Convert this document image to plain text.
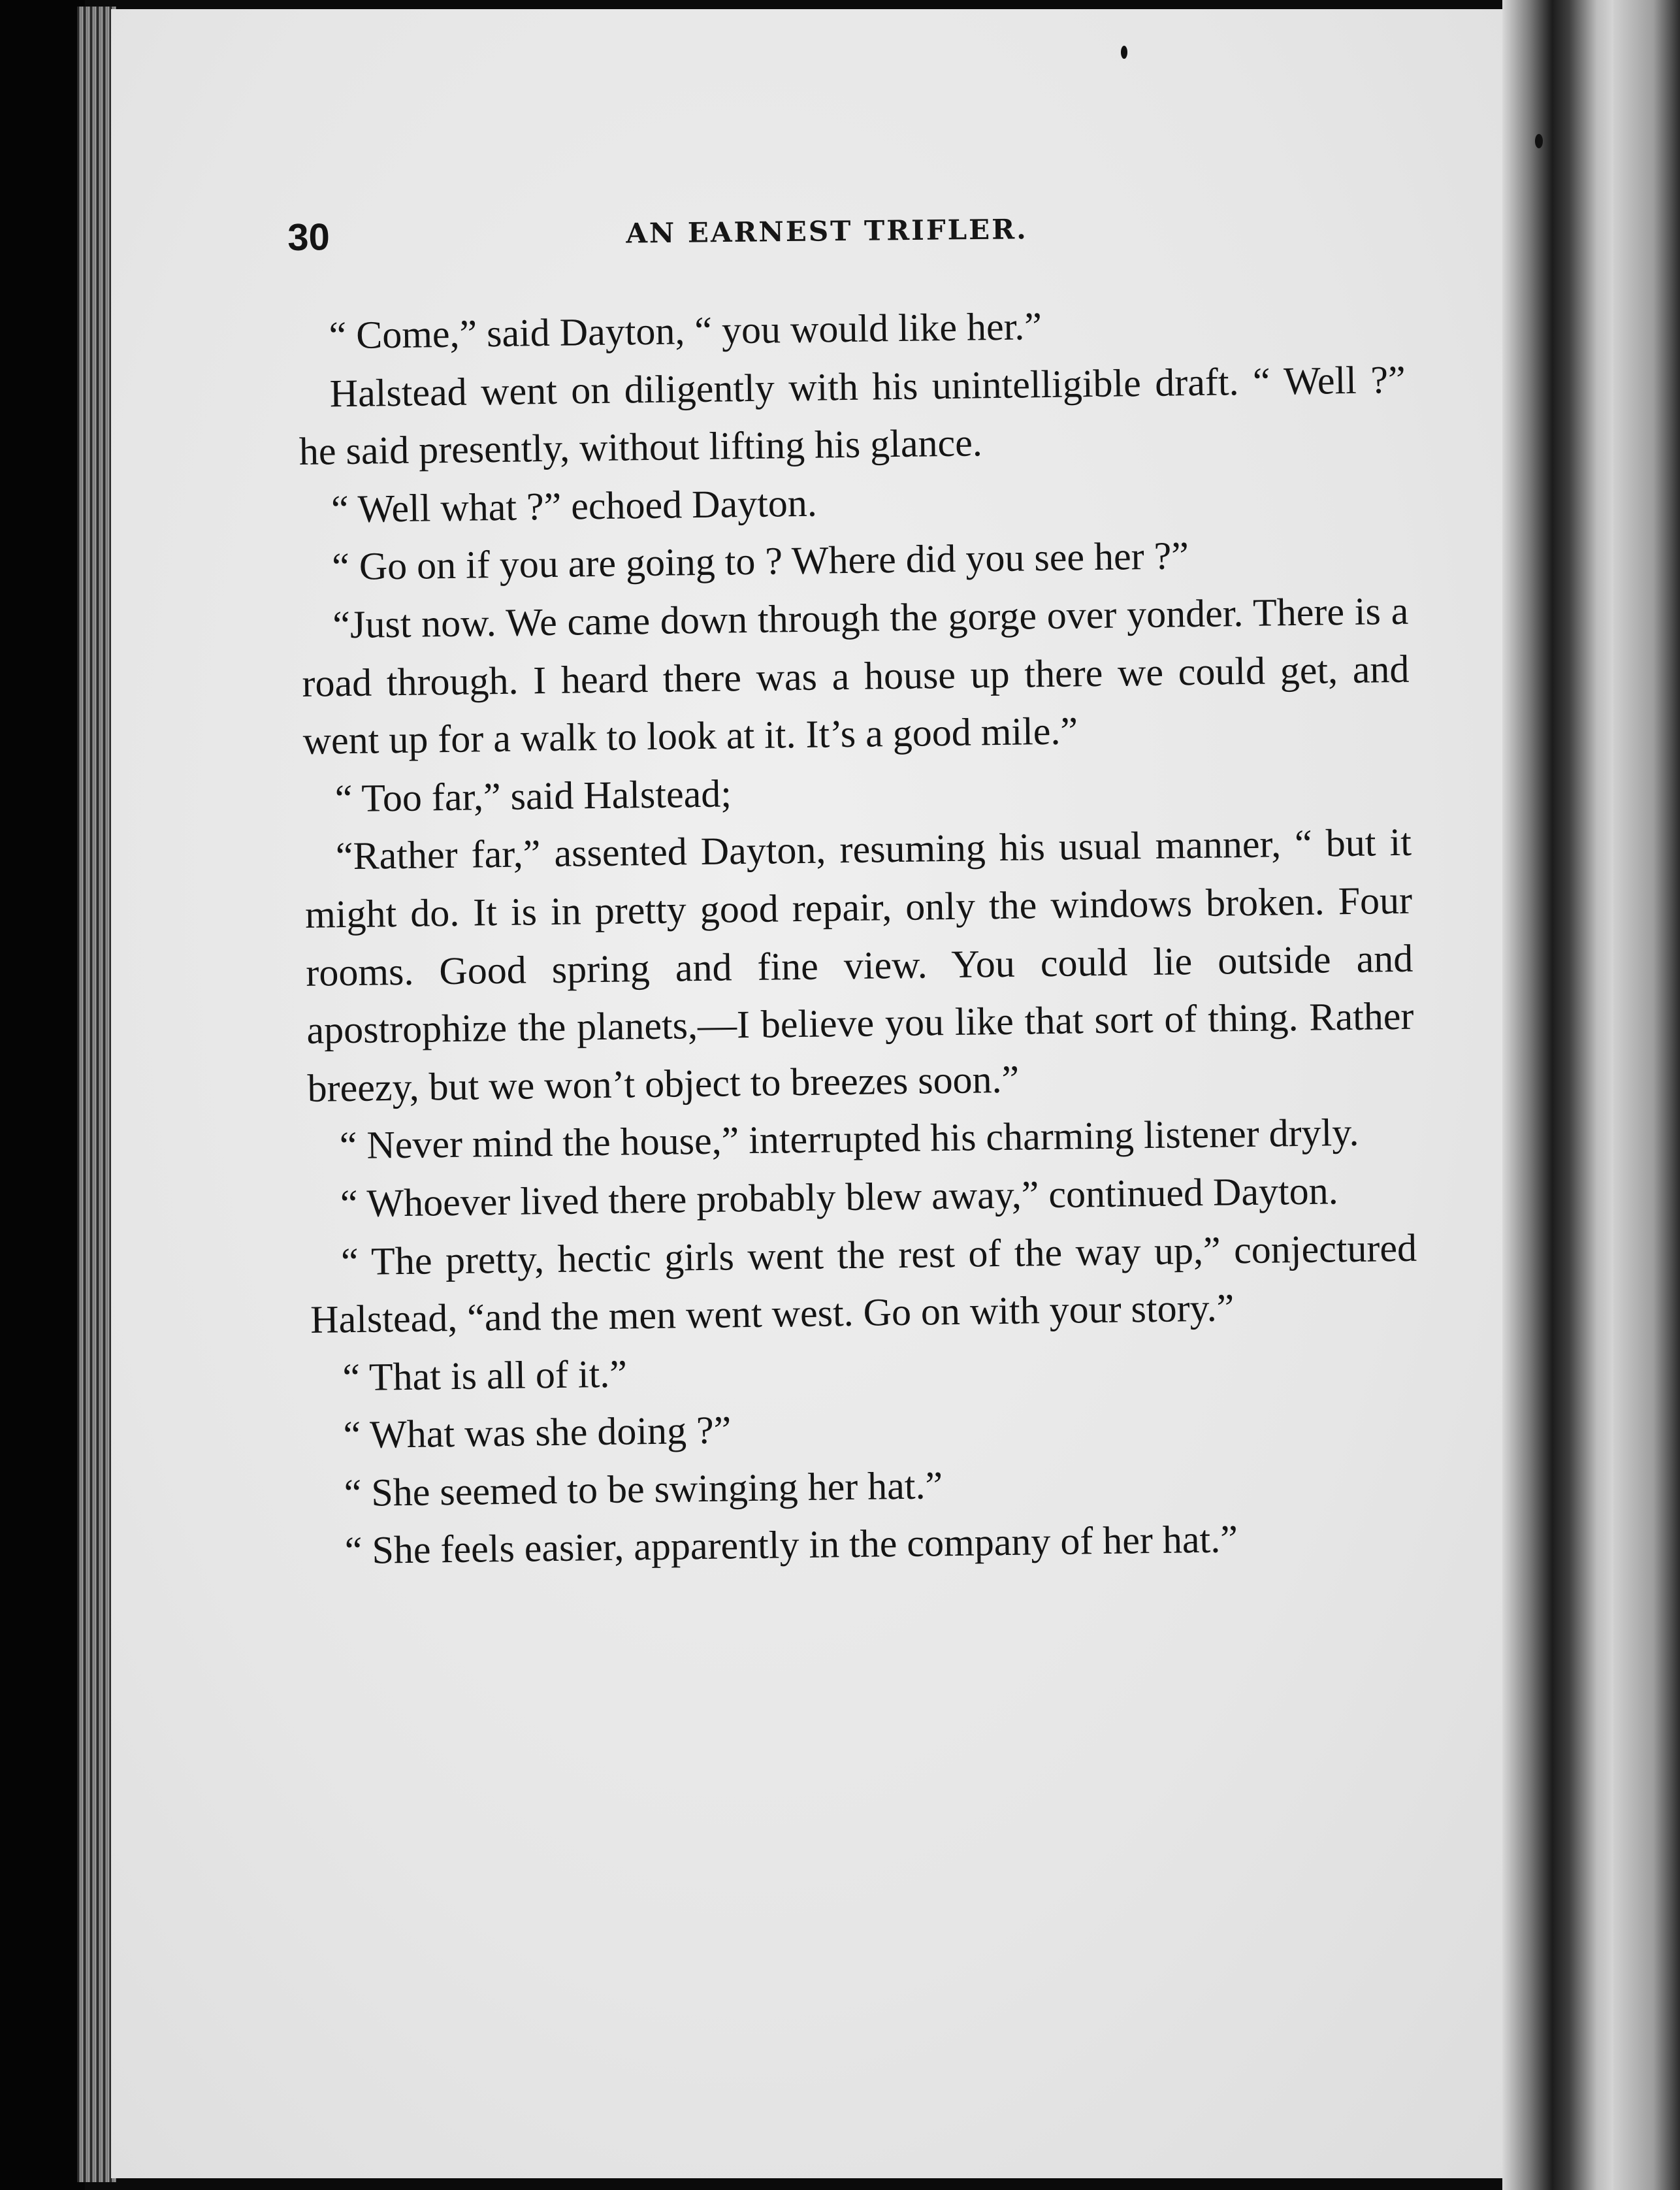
30	AN EARNEST TRIFLER.

“ Come,” said Dayton, “ you would like her.”

Halstead went on diligently with his unintelligible draft. “ Well ?” he said presently, without lifting his glance.

“ Well what ?” echoed Dayton.

“ Go on if you are going to ? Where did you see her ?”

“Just now. We came down through the gorge over yonder. There is a road through. I heard there was a house up there we could get, and went up for a walk to look at it. It’s a good mile.”

“ Too far,” said Halstead;

“Rather far,” assented Dayton, resuming his usual manner, “ but it might do. It is in pretty good repair, only the windows broken. Four rooms. Good spring and fine view. You could lie outside and apostrophize the planets,—I believe you like that sort of thing. Rather breezy, but we won’t object to breezes soon.”

“ Never mind the house,” interrupted his charming listener dryly.

“ Whoever lived there probably blew away,” continued Dayton.

“ The pretty, hectic girls went the rest of the way up,” conjectured Halstead, “and the men went west. Go on with your story.”

“ That is all of it.”

“ What was she doing ?”

“ She seemed to be swinging her hat.”

“ She feels easier, apparently in the company of her hat.”
